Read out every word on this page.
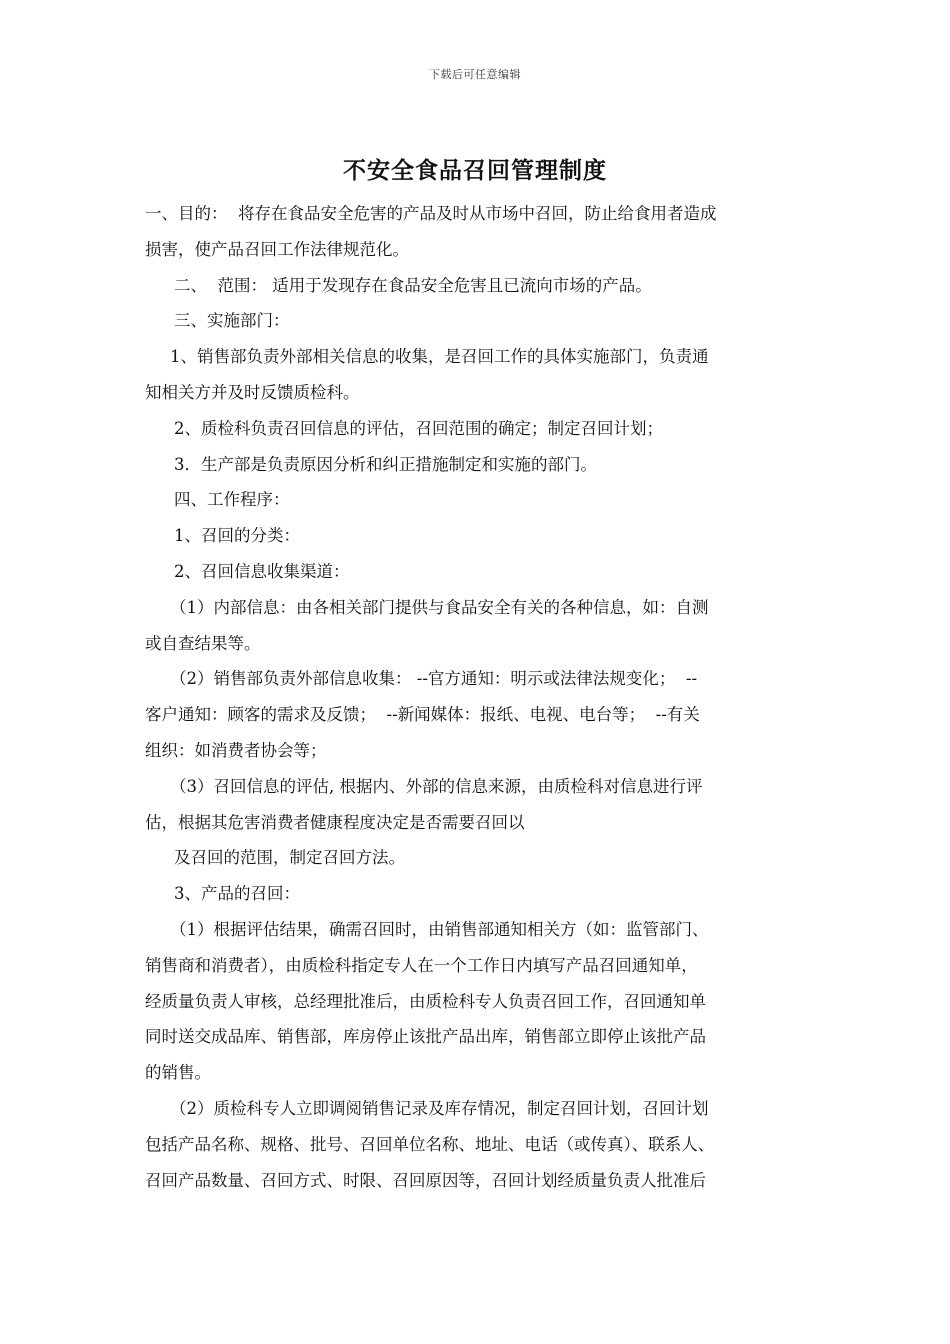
下载后可任意编辑
不安全食品召回管理制度

一、目的：  将存在食品安全危害的产品及时从市场中召回，防止给食用者造成

损害，使产品召回工作法律规范化。

二、  范围： 适用于发现存在食品安全危害且已流向市场的产品。

三、实施部门：

1、销售部负责外部相关信息的收集，是召回工作的具体实施部门，负责通

知相关方并及时反馈质检科。

2、质检科负责召回信息的评估，召回范围的确定；制定召回计划；

3．生产部是负责原因分析和纠正措施制定和实施的部门。

四、工作程序：

1、召回的分类：

2、召回信息收集渠道：

（1）内部信息：由各相关部门提供与食品安全有关的各种信息，如：自测

或自查结果等。

（2）销售部负责外部信息收集： --官方通知：明示或法律法规变化；  --

客户通知：顾客的需求及反馈；  --新闻媒体：报纸、电视、电台等；  --有关

组织：如消费者协会等；

（3）召回信息的评估, 根据内、外部的信息来源，由质检科对信息进行评

估，根据其危害消费者健康程度决定是否需要召回以

及召回的范围，制定召回方法。

3、产品的召回：

（1）根据评估结果，确需召回时，由销售部通知相关方（如：监管部门、

销售商和消费者），由质检科指定专人在一个工作日内填写产品召回通知单，

经质量负责人审核，总经理批准后，由质检科专人负责召回工作，召回通知单

同时送交成品库、销售部，库房停止该批产品出库，销售部立即停止该批产品

的销售。

（2）质检科专人立即调阅销售记录及库存情况，制定召回计划，召回计划

包括产品名称、规格、批号、召回单位名称、地址、电话（或传真）、联系人、

召回产品数量、召回方式、时限、召回原因等，召回计划经质量负责人批准后
